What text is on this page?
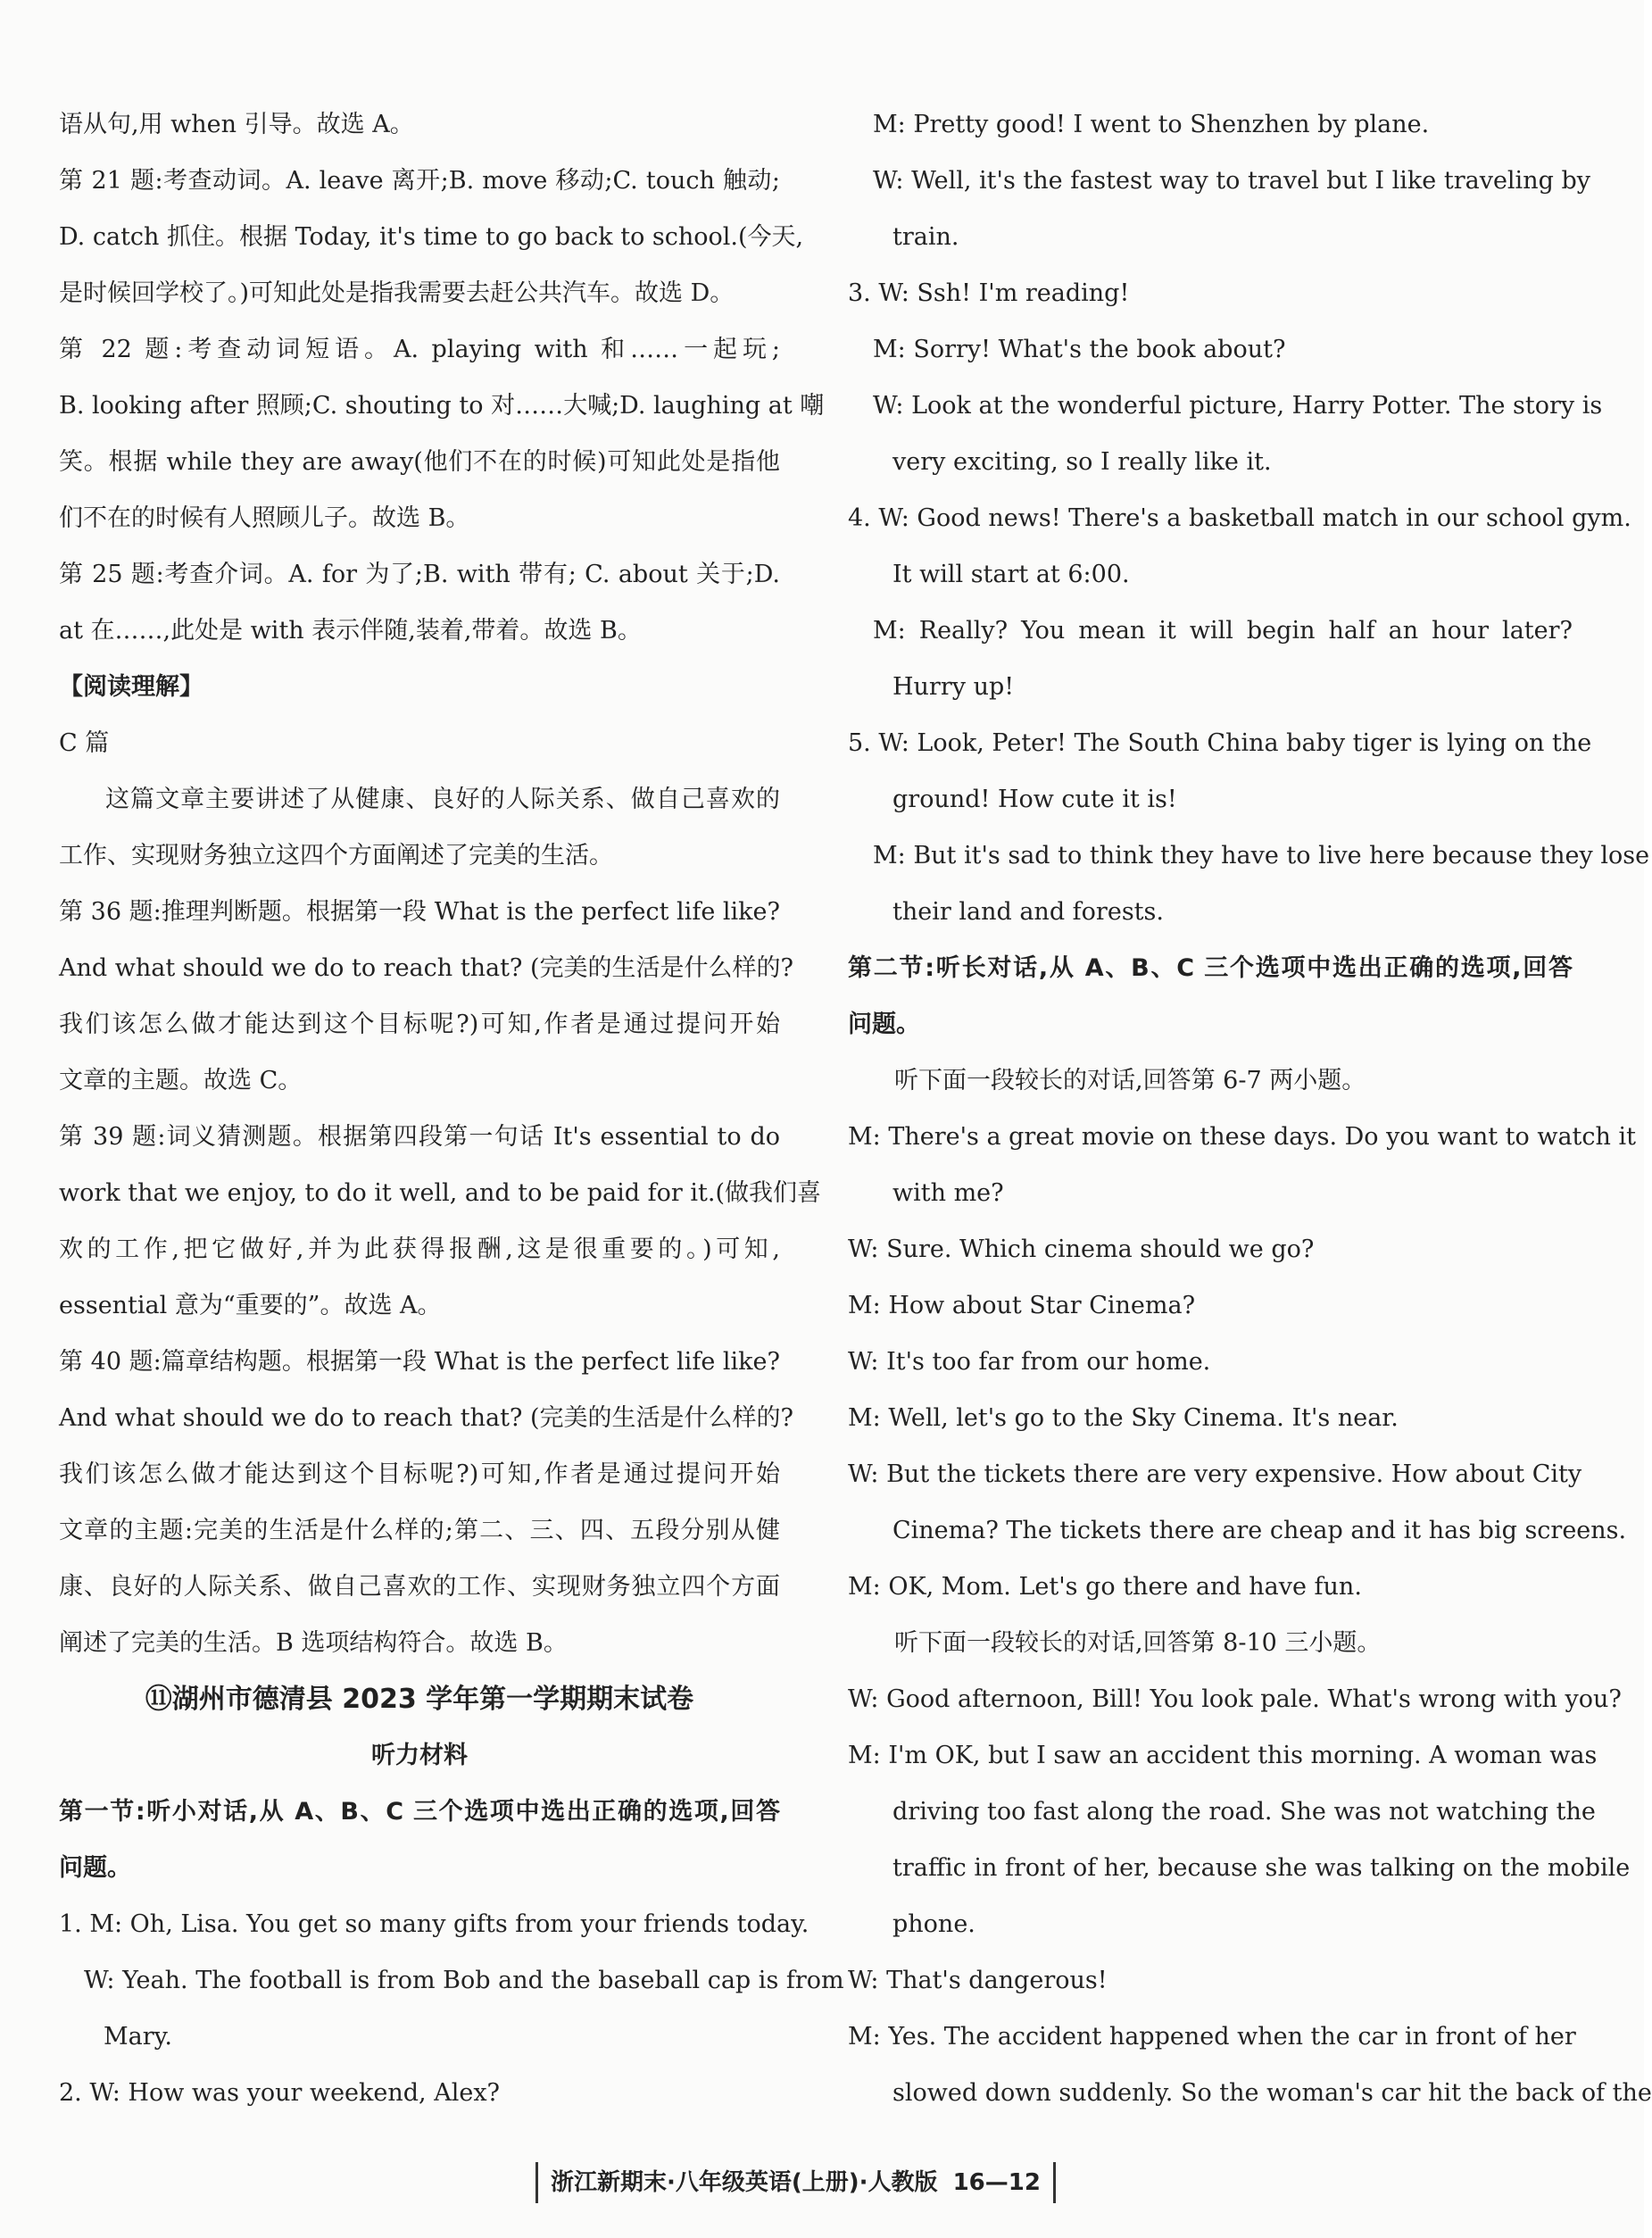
语从句,用 when 引导。故选 A。
第 21 题:考查动词。A. leave 离开;B. move 移动;C. touch 触动;
D. catch 抓住。根据 Today, it's time to go back to school.(今天,
是时候回学校了。)可知此处是指我需要去赶公共汽车。故选 D。
第 22 题:考查动词短语。A. playing with 和……一起玩;
B. looking after 照顾;C. shouting to 对……大喊;D. laughing at 嘲
笑。根据 while they are away(他们不在的时候)可知此处是指他
们不在的时候有人照顾儿子。故选 B。
第 25 题:考查介词。A. for 为了;B. with 带有; C. about 关于;D.
at 在……,此处是 with 表示伴随,装着,带着。故选 B。
【阅读理解】
C 篇
这篇文章主要讲述了从健康、良好的人际关系、做自己喜欢的
工作、实现财务独立这四个方面阐述了完美的生活。
第 36 题:推理判断题。根据第一段 What is the perfect life like?
And what should we do to reach that? (完美的生活是什么样的?
我们该怎么做才能达到这个目标呢?)可知,作者是通过提问开始
文章的主题。故选 C。
第 39 题:词义猜测题。根据第四段第一句话 It's essential to do
work that we enjoy, to do it well, and to be paid for it.(做我们喜
欢的工作,把它做好,并为此获得报酬,这是很重要的。)可知,
essential 意为“重要的”。故选 A。
第 40 题:篇章结构题。根据第一段 What is the perfect life like?
And what should we do to reach that? (完美的生活是什么样的?
我们该怎么做才能达到这个目标呢?)可知,作者是通过提问开始
文章的主题:完美的生活是什么样的;第二、三、四、五段分别从健
康、良好的人际关系、做自己喜欢的工作、实现财务独立四个方面
阐述了完美的生活。B 选项结构符合。故选 B。
⑪湖州市德清县 2023 学年第一学期期末试卷
听力材料
第一节:听小对话,从 A、B、C 三个选项中选出正确的选项,回答
问题。
1. M: Oh, Lisa. You get so many gifts from your friends today.
W: Yeah. The football is from Bob and the baseball cap is from
Mary.
2. W: How was your weekend, Alex?
M: Pretty good! I went to Shenzhen by plane.
W: Well, it's the fastest way to travel but I like traveling by
train.
3. W: Ssh! I'm reading!
M: Sorry! What's the book about?
W: Look at the wonderful picture, Harry Potter. The story is
very exciting, so I really like it.
4. W: Good news! There's a basketball match in our school gym.
It will start at 6:00.
M: Really? You mean it will begin half an hour later?
Hurry up!
5. W: Look, Peter! The South China baby tiger is lying on the
ground! How cute it is!
M: But it's sad to think they have to live here because they lose
their land and forests.
第二节:听长对话,从 A、B、C 三个选项中选出正确的选项,回答
问题。
听下面一段较长的对话,回答第 6-7 两小题。
M: There's a great movie on these days. Do you want to watch it
with me?
W: Sure. Which cinema should we go?
M: How about Star Cinema?
W: It's too far from our home.
M: Well, let's go to the Sky Cinema. It's near.
W: But the tickets there are very expensive. How about City
Cinema? The tickets there are cheap and it has big screens.
M: OK, Mom. Let's go there and have fun.
听下面一段较长的对话,回答第 8-10 三小题。
W: Good afternoon, Bill! You look pale. What's wrong with you?
M: I'm OK, but I saw an accident this morning. A woman was
driving too fast along the road. She was not watching the
traffic in front of her, because she was talking on the mobile
phone.
W: That's dangerous!
M: Yes. The accident happened when the car in front of her
slowed down suddenly. So the woman's car hit the back of the
浙江新期末·八年级英语(上册)·人教版 16—12
